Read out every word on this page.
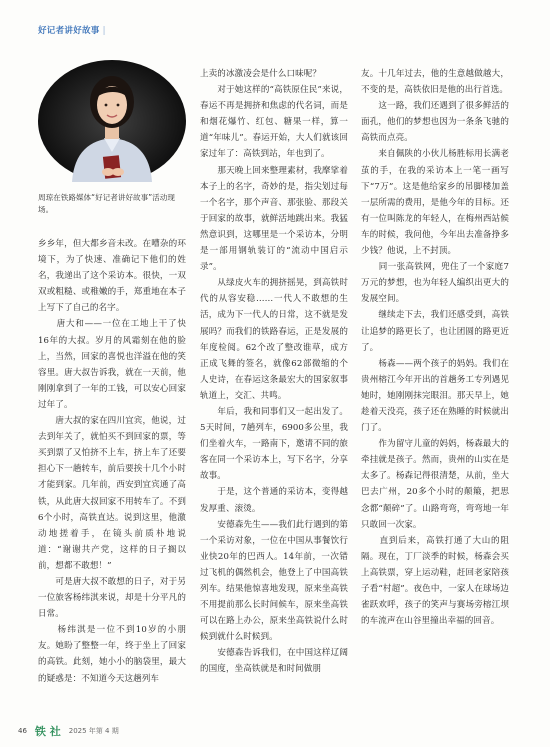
好记者讲好故事 |
周琼在铁路媒体“好记者讲好故事”活动现场。

乡乡年，但大都乡音未改。在嘈杂的环境下，为了快速、准确记下他们的姓名，我递出了这个采访本。很快，一双双或粗糙、或稚嫩的手，郑重地在本子上写下了自己的名字。

　　唐大和——一位在工地上干了快16年的大叔。岁月的风霜刻在他的脸上，当然，回家的喜悦也洋溢在他的笑容里。唐大叔告诉我，就在一天前，他刚刚拿到了一年的工钱，可以安心回家过年了。

　　唐大叔的家在四川宜宾，他说，过去到年关了，就怕买不到回家的票，等买到票了又怕挤不上车，挤上车了还要担心下一趟转车，前后要挨十几个小时才能到家。几年前，西安到宜宾通了高铁，从此唐大叔回家不用转车了。不到6个小时，高铁直达。说到这里，他激动地搓着手，在镜头前质朴地说道：“谢谢共产党，这样的日子搁以前，想都不敢想！”

　　可是唐大叔不敢想的日子，对于另一位旅客杨纬淇来说，却是十分平凡的日常。

　　杨纬淇是一位不到10岁的小朋友。她盼了整整一年，终于坐上了回家的高铁。此刻，她小小的脑袋里，最大的疑惑是：不知道今天这趟列车

上卖的冰激凌会是什么口味呢？

　　对于她这样的“高铁原住民”来说，春运不再是拥挤和焦虑的代名词，而是和烟花爆竹、红包、糖果一样，算一道“年味儿”。春运开始，大人们就该回家过年了：高铁到站，年也到了。

　　那天晚上回来整理素材，我摩挲着本子上的名字，奇妙的是，指尖划过每一个名字，那个声音、那张脸、那段关于回家的故事，就鲜活地跳出来。我猛然意识到，这哪里是一个采访本，分明是一部用钢轨装订的“流动中国启示录”。

　　从绿皮火车的拥挤摇晃，到高铁时代的从容安稳……一代人不敢想的生活，成为下一代人的日常，这不就是发展吗？而我们的铁路春运，正是发展的年度检阅。62个改了整改谁草，成方正成飞舞的签名，就像62部微缩的个人史诗，在春运这条最宏大的国家叙事轨道上，交汇、共鸣。

　　年后，我和同事们又一起出发了。5天时间，7趟列车，6900多公里，我们坐着火车，一路南下，邀请不同的旅客在同一个采访本上，写下名字，分享故事。

　　于是，这个普通的采访本，变得越发厚重、滚烫。

　　安德森先生——我们此行遇到的第一个采访对象，一位在中国从事餐饮行业快20年的巴西人。14年前，一次错过飞机的偶然机会，他登上了中国高铁列车。结果他惊喜地发现，原来坐高铁不用提前那么长时间候车，原来坐高铁可以在路上办公，原来坐高铁说什么时候到就什么时候到。

　　安德森告诉我们，在中国这样辽阔的国度，坐高铁就是和时间做朋

友。十几年过去，他的生意越做越大，不变的是，高铁依旧是他的出行首选。

　　这一路，我们还遇到了很多鲜活的面孔，他们的梦想也因为一条条飞驰的高铁而点亮。

　　来自佩陕的小伙儿杨胜标用长满老茧的手，在我的采访本上一笔一画写下“7万”。这是他给家乡的吊脚楼加盖一层所需的费用，是他今年的目标。还有一位叫陈龙的年轻人，在梅州西站候车的时候，我问他，今年出去准备挣多少钱？他说，上不封顶。

　　同一张高铁网，兜住了一个家庭7万元的梦想，也为年轻人编织出更大的发展空间。

　　继续走下去，我们还感受到，高铁让追梦的路更长了，也让团圆的路更近了。

　　杨森——两个孩子的妈妈。我们在贵州榕江今年开出的首趟务工专列遇见她时，她刚刚抹完眼泪。那天早上，她趁着天没亮，孩子还在熟睡的时候就出门了。

　　作为留守儿童的妈妈，杨森最大的牵挂就是孩子。然而，贵州的山实在是太多了。杨森记得很清楚，从前，坐大巴去广州，20多个小时的颠簸，把思念都“颠碎”了。山路弯弯，弯弯地一年只敢回一次家。

　　直到后来，高铁打通了大山的阻隔。现在，丁厂淡季的时候，杨森会买上高铁票，穿上运动鞋，赶回老家陪孩子看“村超”。夜色中，一家人在球场边雀跃欢呼，孩子的笑声与赛场旁榕江坝的车流声在山谷里撞出幸福的回音。

46 铁 社 2025 年第 4 期
